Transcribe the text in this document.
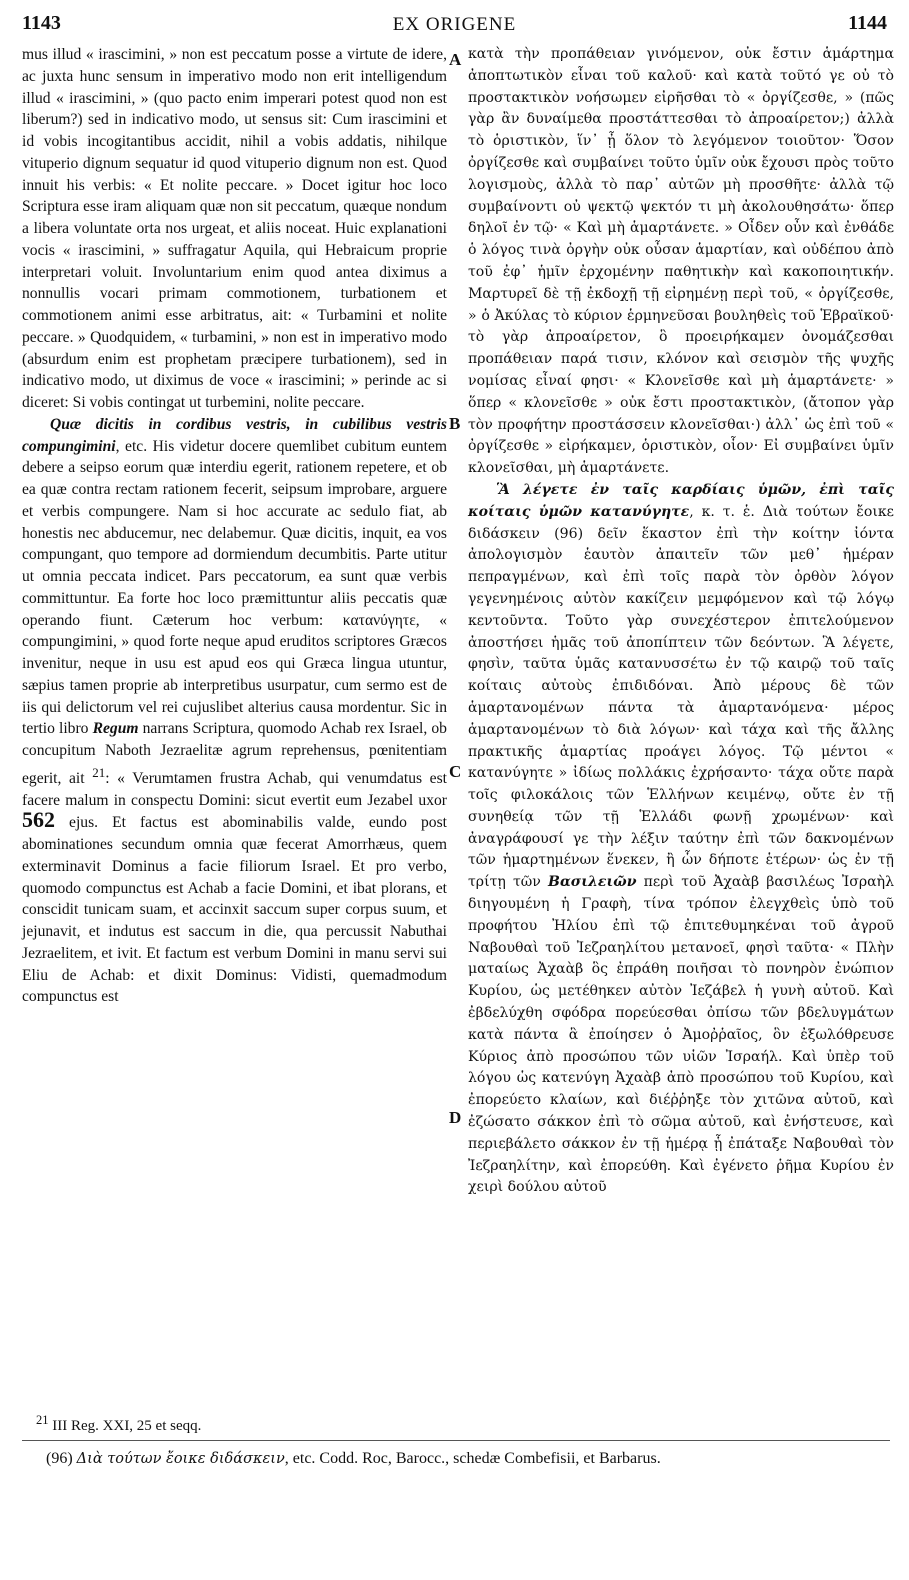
1143	EX ORIGENE	1144
A
B
C
D

mus illud « irascimini, » non est peccatum posse a virtute de idere, ac juxta hunc sensum in imperativo modo non erit intelligendum illud « irascimini, » (quo pacto enim imperari potest quod non est liberum?) sed in indicativo modo, ut sensus sit: Cum irascimini et id vobis incogitantibus accidit, nihil a vobis addatis, nihilque vituperio dignum sequatur id quod vituperio dignum non est. Quod innuit his verbis: « Et nolite peccare. » Docet igitur hoc loco Scriptura esse iram aliquam quæ non sit peccatum, quæque nondum a libera voluntate orta nos urgeat, et aliis noceat. Huic explanationi vocis « irascimini, » suffragatur Aquila, qui Hebraicum proprie interpretari voluit. Involuntarium enim quod antea diximus a nonnullis vocari primam commotionem, turbationem et commotionem animi esse arbitratus, ait: « Turbamini et nolite peccare. » Quodquidem, « turbamini, » non est in imperativo modo (absurdum enim est prophetam præcipere turbationem), sed in indicativo modo, ut diximus de voce « irascimini; » perinde ac si diceret: Si vobis contingat ut turbemini, nolite peccare.

Quæ dicitis in cordibus vestris, in cubilibus vestris compungimini, etc. His videtur docere quemlibet cubitum euntem debere a seipso eorum quæ interdiu egerit, rationem repetere, et ob ea quæ contra rectam rationem fecerit, seipsum improbare, arguere et verbis compungere. Nam si hoc accurate ac sedulo fiat, ab honestis nec abducemur, nec delabemur. Quæ dicitis, inquit, ea vos compungant, quo tempore ad dormiendum decumbitis. Parte utitur ut omnia peccata indicet. Pars peccatorum, ea sunt quæ verbis committuntur. Ea forte hoc loco præmittuntur aliis peccatis quæ operando fiunt. Cæterum hoc verbum: κατανύγητε, « compungimini, » quod forte neque apud eruditos scriptores Græcos invenitur, neque in usu est apud eos qui Græca lingua utuntur, sæpius tamen proprie ab interpretibus usurpatur, cum sermo est de iis qui delictorum vel rei cujuslibet alterius causa mordentur. Sic in tertio libro Regum narrans Scriptura, quomodo Achab rex Israel, ob concupitum Naboth Jezraelitæ agrum reprehensus, pœnitentiam egerit, ait $^{21}$: « Verumtamen frustra Achab, qui venumdatus est facere malum in conspectu Domini: sicut evertit eum Jezabel uxor 562 ejus. Et factus est abominabilis valde, eundo post abominationes secundum omnia quæ fecerat Amorrhæus, quem exterminavit Dominus a facie filiorum Israel. Et pro verbo, quomodo compunctus est Achab a facie Domini, et ibat plorans, et conscidit tunicam suam, et accinxit saccum super corpus suum, et jejunavit, et indutus est saccum in die, qua percussit Nabuthai Jezraelitem, et ivit. Et factum est verbum Domini in manu servi sui Eliu de Achab: et dixit Dominus: Vidisti, quemadmodum compunctus est

κατὰ τὴν προπάθειαν γινόμενον, οὐκ ἔστιν ἁμάρτημα ἀποπτωτικὸν εἶναι τοῦ καλοῦ· καὶ κατὰ τοῦτό γε οὐ τὸ προστακτικὸν νοήσωμεν εἰρῆσθαι τὸ « ὀργίζεσθε, » (πῶς γὰρ ἂν δυναίμεθα προστάττεσθαι τὸ ἀπροαίρετον;) ἀλλὰ τὸ ὁριστικὸν, ἵν᾽ ᾖ ὅλον τὸ λεγόμενον τοιοῦτον· Ὅσον ὀργίζεσθε καὶ συμβαίνει τοῦτο ὑμῖν οὐκ ἔχουσι πρὸς τοῦτο λογισμοὺς, ἀλλὰ τὸ παρ᾽ αὐτῶν μὴ προσθῆτε· ἀλλὰ τῷ συμβαίνοντι οὐ ψεκτῷ ψεκτόν τι μὴ ἀκολουθησάτω· ὅπερ δηλοῖ ἐν τῷ· « Καὶ μὴ ἁμαρτάνετε. » Οἶδεν οὖν καὶ ἐνθάδε ὁ λόγος τινὰ ὀργὴν οὐκ οὖσαν ἁμαρτίαν, καὶ οὐδέπου ἀπὸ τοῦ ἐφ᾽ ἡμῖν ἐρχομένην παθητικὴν καὶ κακοποιητικήν. Μαρτυρεῖ δὲ τῇ ἐκδοχῇ τῇ εἰρημένῃ περὶ τοῦ, « ὀργίζεσθε, » ὁ Ἀκύλας τὸ κύριον ἑρμηνεῦσαι βουληθεὶς τοῦ Ἑβραϊκοῦ· τὸ γὰρ ἀπροαίρετον, ὃ προειρήκαμεν ὀνομάζεσθαι προπάθειαν παρά τισιν, κλόνον καὶ σεισμὸν τῆς ψυχῆς νομίσας εἶναί φησι· « Κλονεῖσθε καὶ μὴ ἁμαρτάνετε· » ὅπερ « κλονεῖσθε » οὐκ ἔστι προστακτικὸν, (ἄτοπον γὰρ τὸν προφήτην προστάσσειν κλονεῖσθαι·) ἀλλ᾽ ὡς ἐπὶ τοῦ « ὀργίζεσθε » εἰρήκαμεν, ὁριστικὸν, οἷον· Εἰ συμβαίνει ὑμῖν κλονεῖσθαι, μὴ ἁμαρτάνετε.

Ἃ λέγετε ἐν ταῖς καρδίαις ὑμῶν, ἐπὶ ταῖς κοίταις ὑμῶν κατανύγητε, κ. τ. ἑ. Διὰ τούτων ἔοικε διδάσκειν (96) δεῖν ἕκαστον ἐπὶ τὴν κοίτην ἰόντα ἀπολογισμὸν ἑαυτὸν ἀπαιτεῖν τῶν μεθ᾽ ἡμέραν πεπραγμένων, καὶ ἐπὶ τοῖς παρὰ τὸν ὀρθὸν λόγον γεγενημένοις αὐτὸν κακίζειν μεμφόμενον καὶ τῷ λόγῳ κεντοῦντα. Τοῦτο γὰρ συνεχέστερον ἐπιτελούμενον ἀποστήσει ἡμᾶς τοῦ ἀποπίπτειν τῶν δεόντων. Ἃ λέγετε, φησὶν, ταῦτα ὑμᾶς κατανυσσέτω ἐν τῷ καιρῷ τοῦ ταῖς κοίταις αὐτοὺς ἐπιδιδόναι. Ἀπὸ μέρους δὲ τῶν ἁμαρτανομένων πάντα τὰ ἁμαρτανόμενα· μέρος ἁμαρτανομένων τὸ διὰ λόγων· καὶ τάχα καὶ τῆς ἄλλης πρακτικῆς ἁμαρτίας προάγει λόγος. Τῷ μέντοι « κατανύγητε » ἰδίως πολλάκις ἐχρήσαντο· τάχα οὔτε παρὰ τοῖς φιλοκάλοις τῶν Ἑλλήνων κειμένῳ, οὔτε ἐν τῇ συνηθείᾳ τῶν τῇ Ἑλλάδι φωνῇ χρωμένων· καὶ ἀναγράφουσί γε τὴν λέξιν ταύτην ἐπὶ τῶν δακνομένων τῶν ἡμαρτημένων ἕνεκεν, ἢ ὧν δήποτε ἑτέρων· ὡς ἐν τῇ τρίτῃ τῶν Βασιλειῶν περὶ τοῦ Ἀχαὰβ βασιλέως Ἰσραὴλ διηγουμένη ἡ Γραφὴ, τίνα τρόπον ἐλεγχθεὶς ὑπὸ τοῦ προφήτου Ἠλίου ἐπὶ τῷ ἐπιτεθυμηκέναι τοῦ ἀγροῦ Ναβουθαὶ τοῦ Ἰεζραηλίτου μετανοεῖ, φησὶ ταῦτα· « Πλὴν ματαίως Ἀχαὰβ ὃς ἐπράθη ποιῆσαι τὸ πονηρὸν ἐνώπιον Κυρίου, ὡς μετέθηκεν αὐτὸν Ἰεζάβελ ἡ γυνὴ αὐτοῦ. Καὶ ἐβδελύχθη σφόδρα πορεύεσθαι ὀπίσω τῶν βδελυγμάτων κατὰ πάντα ἃ ἐποίησεν ὁ Ἀμοῤῥαῖος, ὃν ἐξωλόθρευσε Κύριος ἀπὸ προσώπου τῶν υἱῶν Ἰσραήλ. Καὶ ὑπὲρ τοῦ λόγου ὡς κατενύγη Ἀχαὰβ ἀπὸ προσώπου τοῦ Κυρίου, καὶ ἐπορεύετο κλαίων, καὶ διέῤῥηξε τὸν χιτῶνα αὐτοῦ, καὶ ἐζώσατο σάκκον ἐπὶ τὸ σῶμα αὐτοῦ, καὶ ἐνήστευσε, καὶ περιεβάλετο σάκκον ἐν τῇ ἡμέρᾳ ᾗ ἐπάταξε Ναβουθαὶ τὸν Ἰεζραηλίτην, καὶ ἐπορεύθη. Καὶ ἐγένετο ῥῆμα Κυρίου ἐν χειρὶ δούλου αὐτοῦ

$^{21}$ III Reg. XXI, 25 et seqq.
(96) Διὰ τούτων ἔοικε διδάσκειν, etc. Codd. Roc, Barocc., schedæ Combefisii, et Barbarus.
